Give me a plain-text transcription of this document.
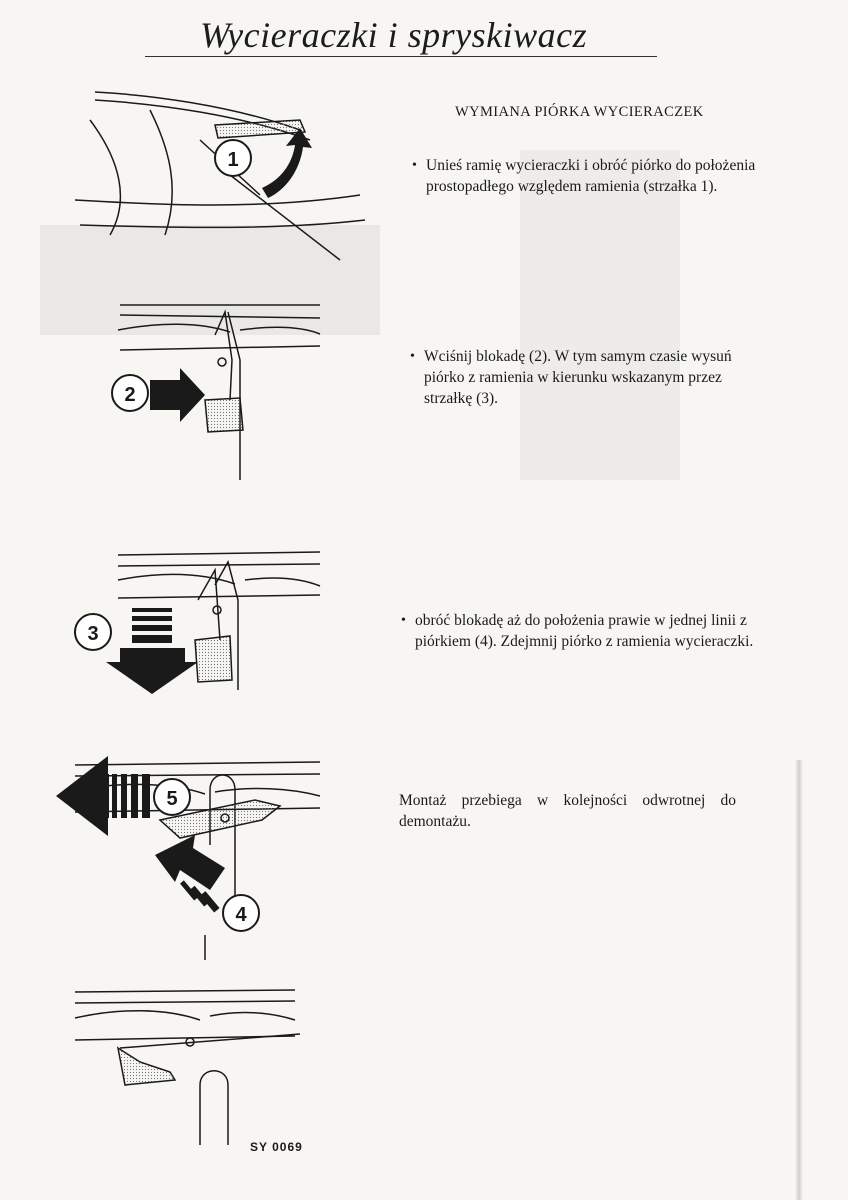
Wycieraczki i spryskiwacz
1
2
3
5
4
WYMIANA PIÓRKA WYCIERACZEK
• Unieś ramię wycieraczki i obróć piórko do położenia prostopadłego względem ramienia (strzałka 1).
• Wciśnij blokadę (2). W tym samym czasie wysuń piórko z ramienia w kierunku wskazanym przez strzałkę (3).
• obróć blokadę aż do położenia prawie w jednej linii z piórkiem (4). Zdejmnij piórko z ramienia wycieraczki.
Montaż przebiega w kolejności odwrotnej do demontażu.
SY 0069
